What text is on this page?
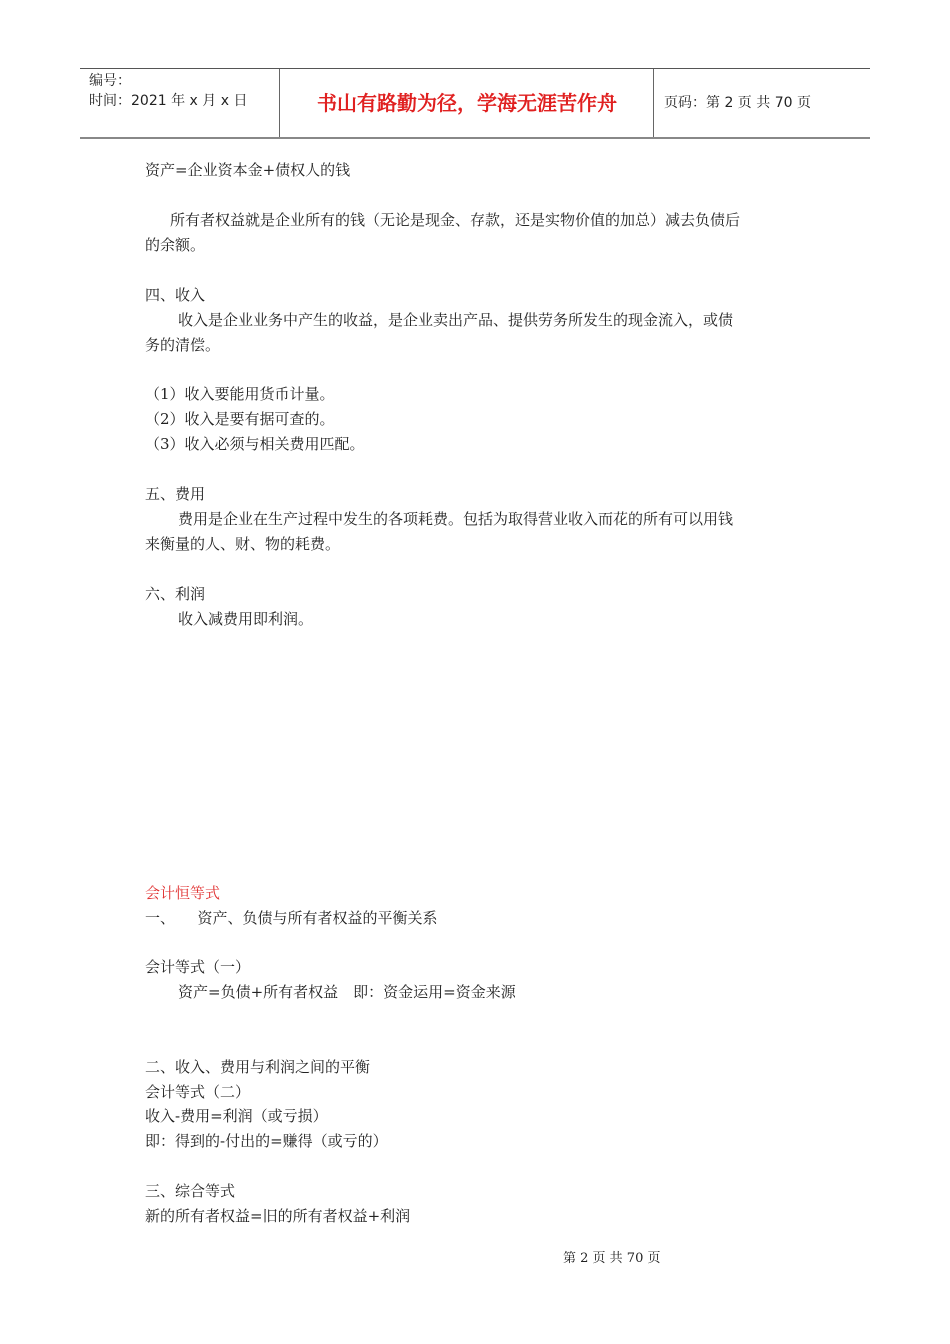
编号：
时间：2021 年 x 月 x 日	书山有路勤为径，学海无涯苦作舟	页码：第 2 页 共 70 页
资产=企业资本金+债权人的钱
所有者权益就是企业所有的钱（无论是现金、存款，还是实物价值的加总）减去负债后
的余额。
四、收入
收入是企业业务中产生的收益，是企业卖出产品、提供劳务所发生的现金流入，或债
务的清偿。
（1）收入要能用货币计量。
（2）收入是要有据可查的。
（3）收入必须与相关费用匹配。
五、费用
费用是企业在生产过程中发生的各项耗费。包括为取得营业收入而花的所有可以用钱
来衡量的人、财、物的耗费。
六、利润
收入减费用即利润。
会计恒等式
一、　　资产、负债与所有者权益的平衡关系
会计等式（一）
资产=负债+所有者权益　即：资金运用=资金来源
二、收入、费用与利润之间的平衡
会计等式（二）
收入-费用=利润（或亏损）
即：得到的-付出的=赚得（或亏的）
三、综合等式
新的所有者权益=旧的所有者权益+利润
第 2 页 共 70 页
